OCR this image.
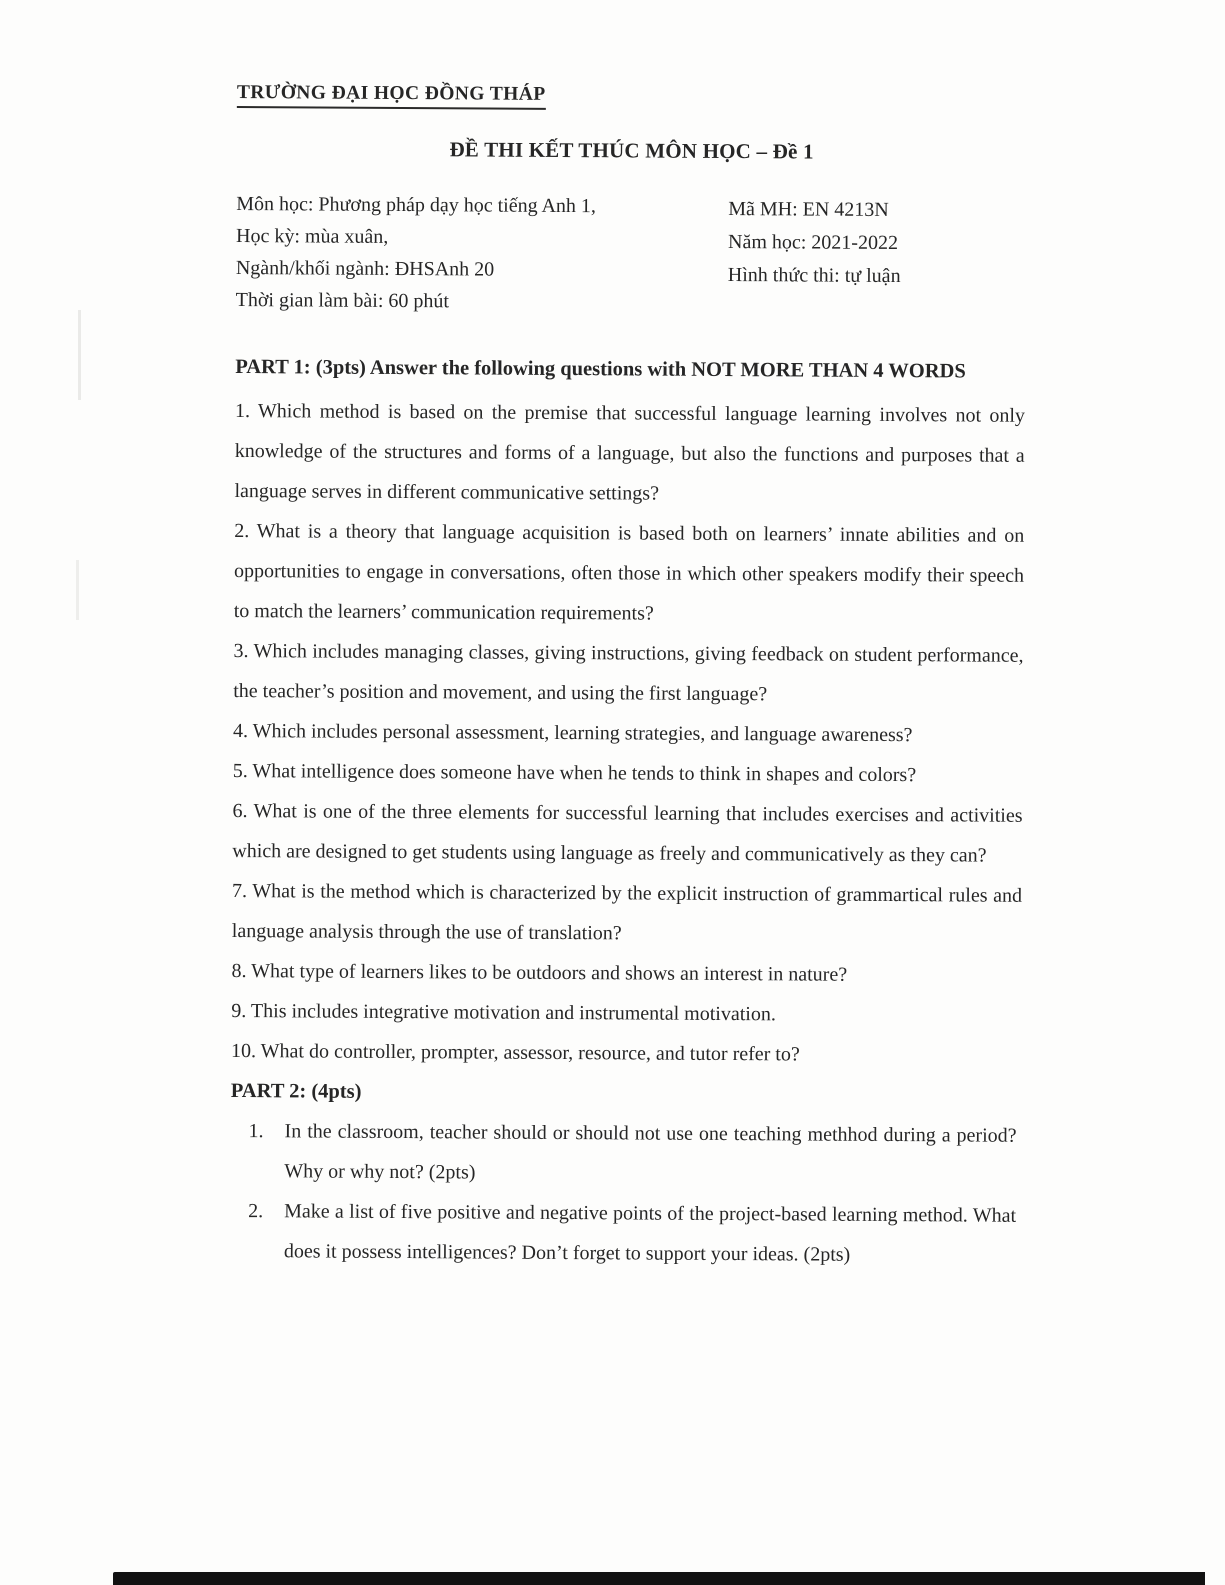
TRƯỜNG ĐẠI HỌC ĐỒNG THÁP
ĐỀ THI KẾT THÚC MÔN HỌC – Đề 1
Môn học: Phương pháp dạy học tiếng Anh 1,
Học kỳ: mùa xuân,
Ngành/khối ngành: ĐHSAnh 20
Thời gian làm bài: 60 phút
Mã MH: EN 4213N
Năm học: 2021-2022
Hình thức thi: tự luận
PART 1: (3pts) Answer the following questions with NOT MORE THAN 4 WORDS

1. Which method is based on the premise that successful language learning involves not only knowledge of the structures and forms of a language, but also the functions and purposes that a language serves in different communicative settings?

2. What is a theory that language acquisition is based both on learners’ innate abilities and on opportunities to engage in conversations, often those in which other speakers modify their speech to match the learners’ communication requirements?

3. Which includes managing classes, giving instructions, giving feedback on student performance, the teacher’s position and movement, and using the first language?

4. Which includes personal assessment, learning strategies, and language awareness?

5. What intelligence does someone have when he tends to think in shapes and colors?

6. What is one of the three elements for successful learning that includes exercises and activities which are designed to get students using language as freely and communicatively as they can?

7. What is the method which is characterized by the explicit instruction of grammartical rules and language analysis through the use of translation?

8. What type of learners likes to be outdoors and shows an interest in nature?

9. This includes integrative motivation and instrumental motivation.

10. What do controller, prompter, assessor, resource, and tutor refer to?

PART 2: (4pts)
1.	In the classroom, teacher should or should not use one teaching methhod during a period? Why or why not? (2pts)
2.	Make a list of five positive and negative points of the project-based learning method. What does it possess intelligences? Don’t forget to support your ideas. (2pts)
